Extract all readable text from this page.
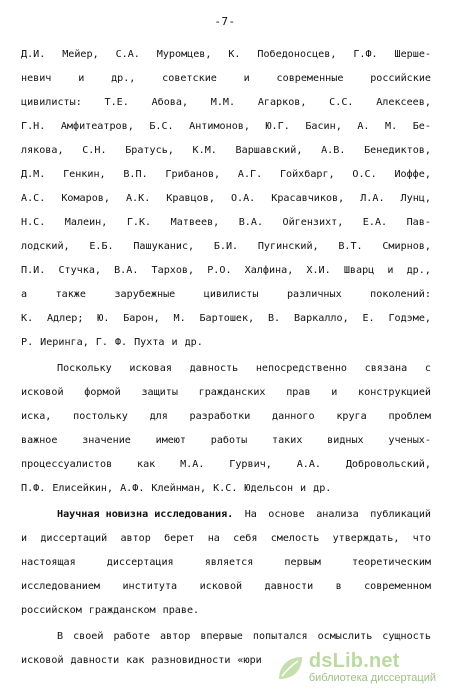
-7-
Д.И. Мейер, С.А. Муромцев, К. Победоносцев, Г.Ф. Шерше-
невич	и	др.,	советские	и	современные	российские
цивилисты: Т.Е. Абова, М.М. Агарков, С.С. Алексеев,
Г.Н. Амфитеатров, Б.С. Антимонов, Ю.Г. Басин, А. М. Бе-
лякова, С.Н. Братусь, К.М. Варшавский, А.В. Бенедиктов,
Д.М. Генкин, В.П. Грибанов, А.Г. Гойхбарг, О.С. Иоффе,
А.С. Комаров, А.К. Кравцов, О.А. Красавчиков, Л.А. Лунц,
Н.С. Малеин, Г.К. Матвеев, В.А. Ойгензихт, Е.А. Пав-
лодский, Е.Б. Пашуканис, Б.И. Пугинский, В.Т. Смирнов,
П.И. Стучка, В.А. Тархов, Р.О. Халфина, Х.И. Шварц и др.,
а	также	зарубежные	цивилисты	различных	поколений:
К. Адлер; Ю. Барон, М. Бартошек, В. Варкалло, Е. Годэме,
Р. Иеринга, Г. Ф. Пухта и др.
Поскольку исковая давность непосредственно связана с
исковой формой защиты гражданских прав и конструкцией
иска, постольку для разработки данного круга проблем
важное значение имеют работы таких видных ученых-
процессуалистов как М.А. Гурвич, А.А. Добровольский,
П.Ф. Елисейкин, А.Ф. Клейнман, К.С. Юдельсон и др.
Научная новизна исследования. На основе анализа публикаций
и диссертаций автор берет на себя смелость утверждать, что
настоящая	диссертация	является	первым	теоретическим
исследованием института исковой давности в современном
российском гражданском праве.
В своей работе автор впервые попытался осмыслить сущность
исковой давности как разновидности «юри dsLib.net
библиотека диссертаций
